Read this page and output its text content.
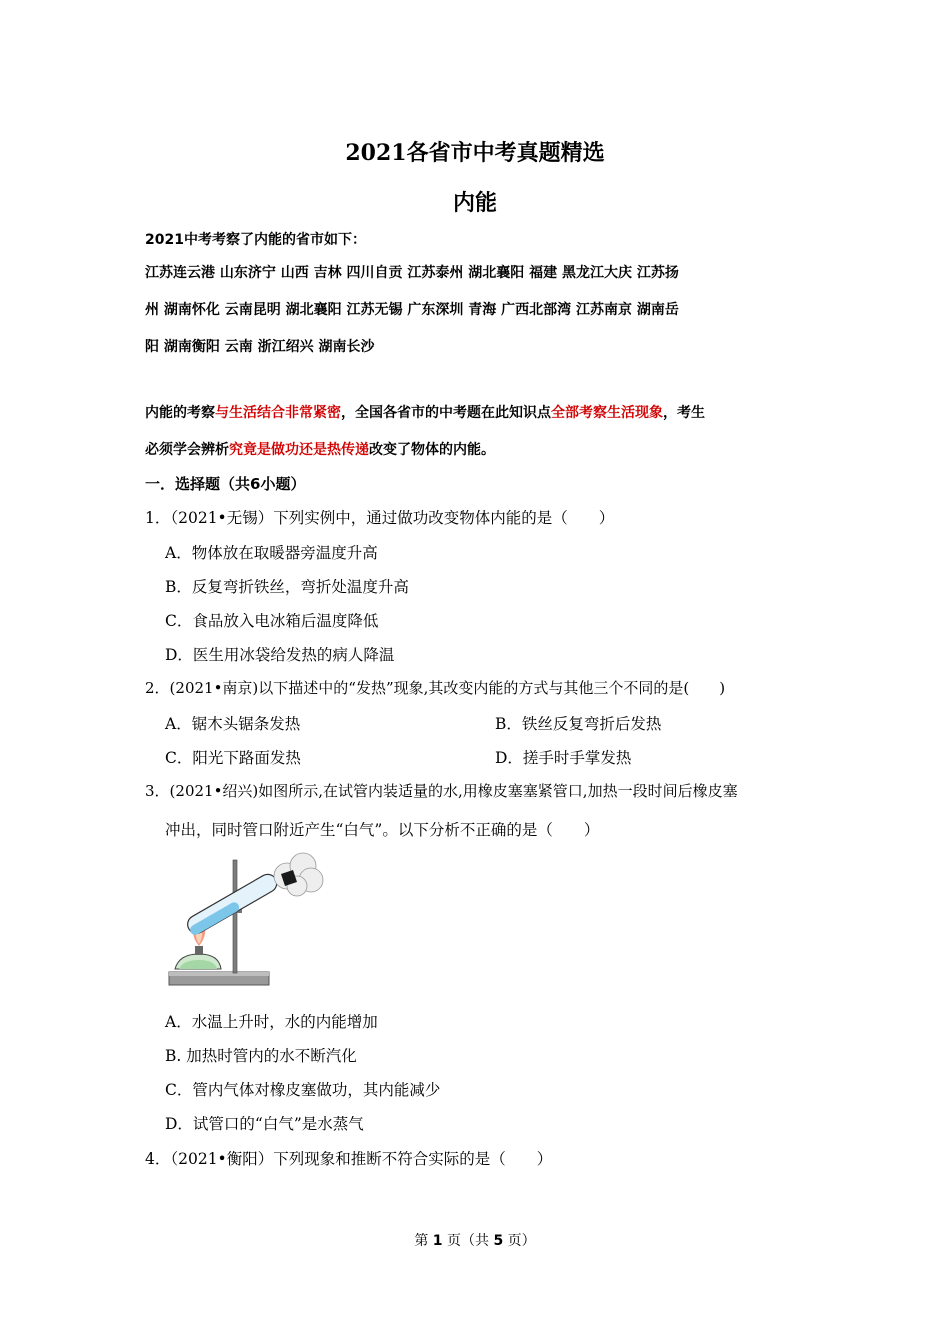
2021各省市中考真题精选
内能
2021中考考察了内能的省市如下：
江苏连云港 山东济宁 山西 吉林 四川自贡 江苏泰州 湖北襄阳 福建 黑龙江大庆 江苏扬
州 湖南怀化 云南昆明 湖北襄阳 江苏无锡 广东深圳 青海 广西北部湾 江苏南京 湖南岳
阳 湖南衡阳 云南 浙江绍兴 湖南长沙
内能的考察与生活结合非常紧密，全国各省市的中考题在此知识点全部考察生活现象，考生
必须学会辨析究竟是做功还是热传递改变了物体的内能。
一．选择题（共6小题）
1．（2021•无锡）下列实例中，通过做功改变物体内能的是（　　）
A．物体放在取暖器旁温度升高
B．反复弯折铁丝，弯折处温度升高
C．食品放入电冰箱后温度降低
D．医生用冰袋给发热的病人降温
2．(2021•南京)以下描述中的“发热”现象,其改变内能的方式与其他三个不同的是(　　)
A．锯木头锯条发热	B．铁丝反复弯折后发热
C．阳光下路面发热	D．搓手时手掌发热
3．(2021•绍兴)如图所示,在试管内装适量的水,用橡皮塞塞紧管口,加热一段时间后橡皮塞
冲出，同时管口附近产生“白气”。以下分析不正确的是（　　）
A．水温上升时，水的内能增加
B. 加热时管内的水不断汽化
C．管内气体对橡皮塞做功，其内能减少
D．试管口的“白气”是水蒸气
4．（2021•衡阳）下列现象和推断不符合实际的是（　　）
第 1 页（共 5 页）
